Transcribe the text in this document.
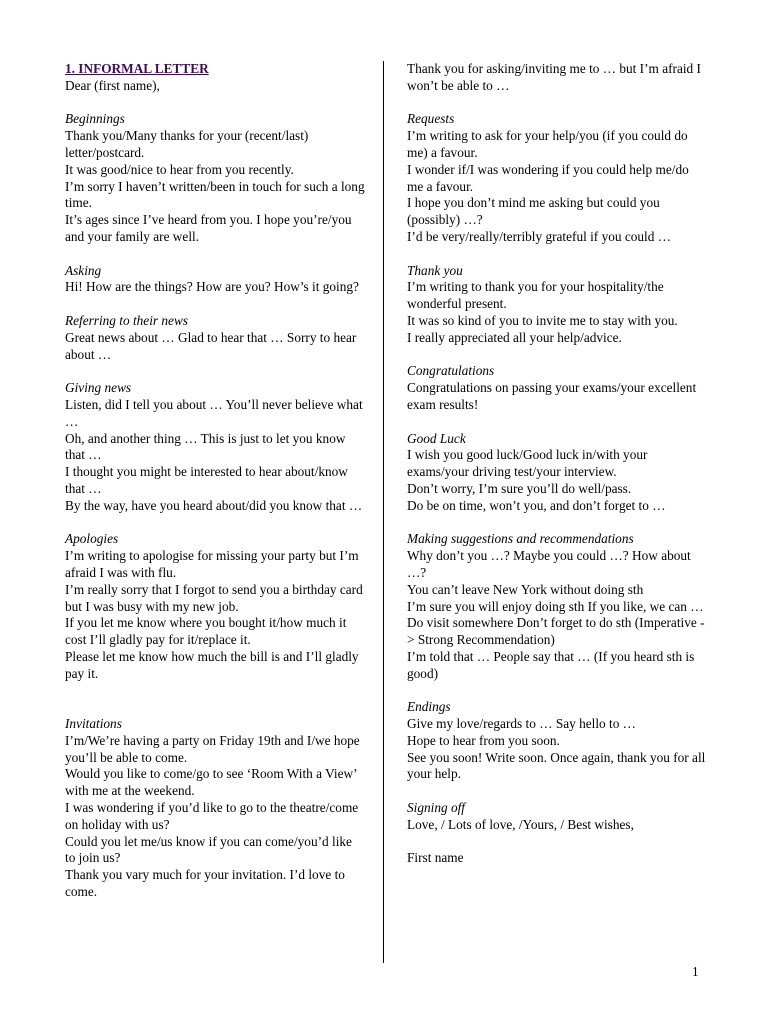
1. INFORMAL LETTER

Dear (first name),

Beginnings

Thank you/Many thanks for your (recent/last) letter/postcard.

It was good/nice to hear from you recently.

I’m sorry I haven’t written/been in touch for such a long time.

It’s ages since I’ve heard from you. I hope you’re/you and your family are well.

Asking

Hi! How are the things? How are you? How’s it going?

Referring to their news

Great news about … Glad to hear that … Sorry to hear about …

Giving news

Listen, did I tell you about … You’ll never believe what …

Oh, and another thing … This is just to let you know that …

I thought you might be interested to hear about/know that …

By the way, have you heard about/did you know that …

Apologies

I’m writing to apologise for missing your party but I’m afraid I was with flu.

I’m really sorry that I forgot to send you a birthday card but I was busy with my new job.

If you let me know where you bought it/how much it cost I’ll gladly pay for it/replace it.

Please let me know how much the bill is and I’ll gladly pay it.

Invitations

I’m/We’re having a party on Friday 19th and I/we hope you’ll be able to come.

Would you like to come/go to see ‘Room With a View’ with me at the weekend.

I was wondering if you’d like to go to the theatre/come on holiday with us?

Could you let me/us know if you can come/you’d like to join us?

Thank you vary much for your invitation. I’d love to come.

Thank you for asking/inviting me to … but I’m afraid I won’t be able to …

Requests

I’m writing to ask for your help/you (if you could do me) a favour.

I wonder if/I was wondering if you could help me/do me a favour.

I hope you don’t mind me asking but could you (possibly) …?

I’d be very/really/terribly grateful if you could …

Thank you

I’m writing to thank you for your hospitality/the wonderful present.

It was so kind of you to invite me to stay with you.

I really appreciated all your help/advice.

Congratulations

Congratulations on passing your exams/your excellent exam results!

Good Luck

I wish you good luck/Good luck in/with your exams/your driving test/your interview.

Don’t worry, I’m sure you’ll do well/pass.

Do be on time, won’t you, and don’t forget to …

Making suggestions and recommendations

Why don’t you …? Maybe you could …? How about …?

You can’t leave New York without doing sth

I’m sure you will enjoy doing sth If you like, we can …

Do visit somewhere Don’t forget to do sth (Imperative -> Strong Recommendation)

I’m told that … People say that … (If you heard sth is good)

Endings

Give my love/regards to … Say hello to …

Hope to hear from you soon.

See you soon! Write soon. Once again, thank you for all your help.

Signing off

Love, / Lots of love, /Yours, / Best wishes,

First name

1
